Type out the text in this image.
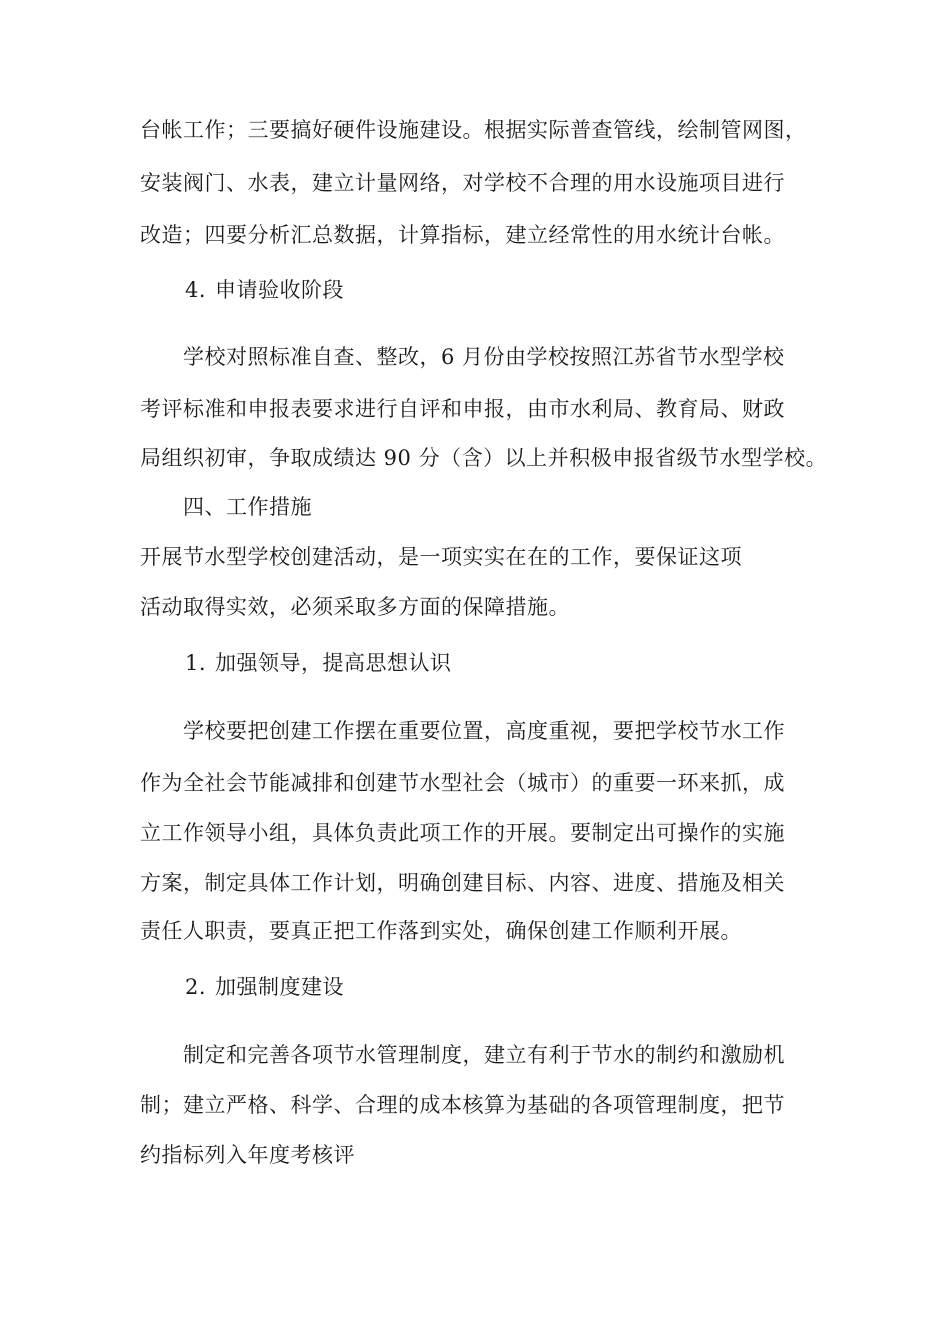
台帐工作；三要搞好硬件设施建设。根据实际普查管线，绘制管网图，
安装阀门、水表，建立计量网络，对学校不合理的用水设施项目进行
改造；四要分析汇总数据，计算指标，建立经常性的用水统计台帐。
4. 申请验收阶段
学校对照标准自查、整改，6 月份由学校按照江苏省节水型学校
考评标准和申报表要求进行自评和申报，由市水利局、教育局、财政
局组织初审，争取成绩达 90 分（含）以上并积极申报省级节水型学校。
四、工作措施
开展节水型学校创建活动，是一项实实在在的工作，要保证这项
活动取得实效，必须采取多方面的保障措施。
1. 加强领导，提高思想认识
学校要把创建工作摆在重要位置，高度重视，要把学校节水工作
作为全社会节能减排和创建节水型社会（城市）的重要一环来抓，成
立工作领导小组，具体负责此项工作的开展。要制定出可操作的实施
方案，制定具体工作计划，明确创建目标、内容、进度、措施及相关
责任人职责，要真正把工作落到实处，确保创建工作顺利开展。
2. 加强制度建设
制定和完善各项节水管理制度，建立有利于节水的制约和激励机
制；建立严格、科学、合理的成本核算为基础的各项管理制度，把节
约指标列入年度考核评
